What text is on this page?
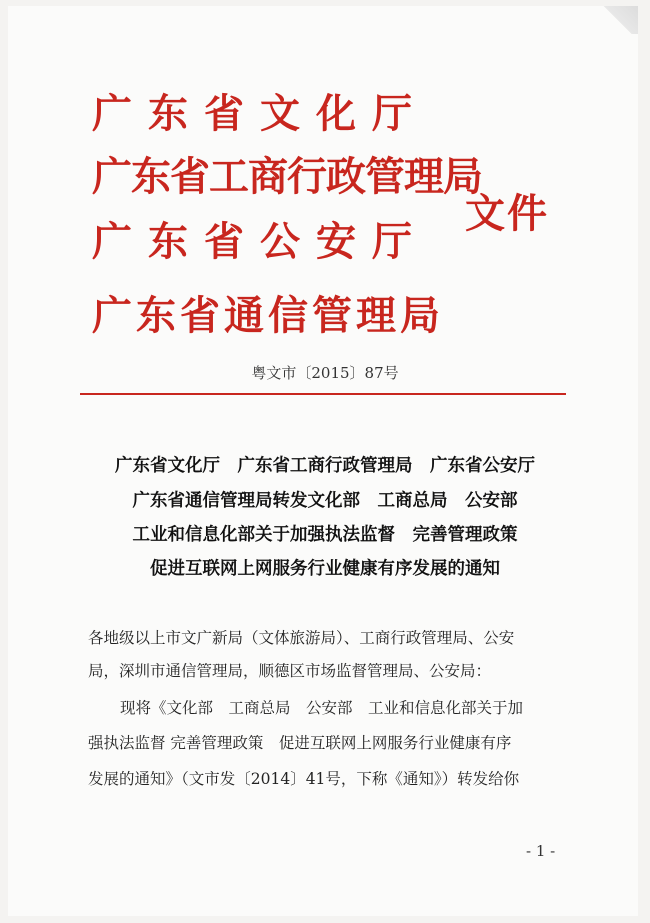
广东省文化厅
广东省工商行政管理局
广东省公安厅
广东省通信管理局
文件
粤文市〔2015〕87号
广东省文化厅　广东省工商行政管理局　广东省公安厅
广东省通信管理局转发文化部　工商总局　公安部
工业和信息化部关于加强执法监督　完善管理政策
促进互联网上网服务行业健康有序发展的通知
各地级以上市文广新局（文体旅游局）、工商行政管理局、公安
局，深圳市通信管理局，顺德区市场监督管理局、公安局：
现将《文化部　工商总局　公安部　工业和信息化部关于加
强执法监督 完善管理政策　促进互联网上网服务行业健康有序
发展的通知》（文市发〔2014〕41号，下称《通知》）转发给你
- 1 -
